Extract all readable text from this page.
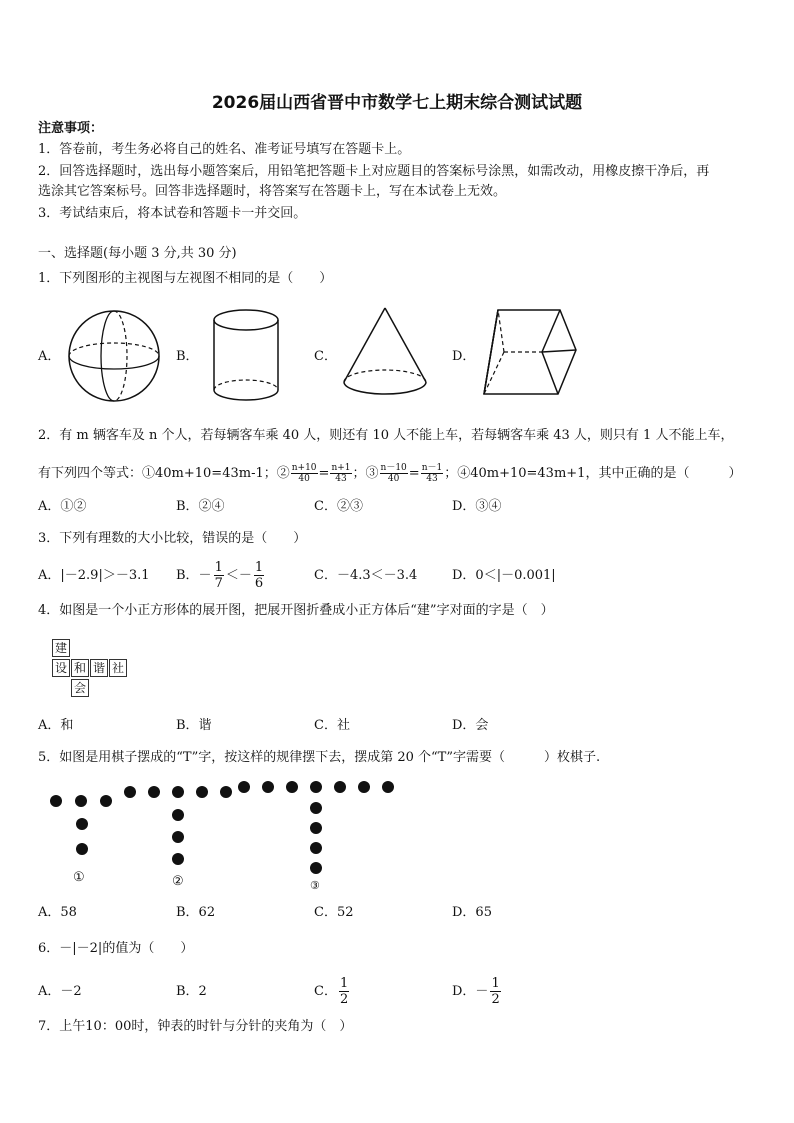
2026届山西省晋中市数学七上期末综合测试试题
注意事项：
1．答卷前，考生务必将自己的姓名、准考证号填写在答题卡上。
2．回答选择题时，选出每小题答案后，用铅笔把答题卡上对应题目的答案标号涂黑，如需改动，用橡皮擦干净后，再
选涂其它答案标号。回答非选择题时，将答案写在答题卡上，写在本试卷上无效。
3．考试结束后，将本试卷和答题卡一并交回。
一、选择题(每小题 3 分,共 30 分)
1．下列图形的主视图与左视图不相同的是（　　）
A．	B．	C．	D．
2．有 m 辆客车及 n 个人，若每辆客车乘 40 人，则还有 10 人不能上车，若每辆客车乘 43 人，则只有 1 人不能上车，
有下列四个等式：①40m+10=43m-1；② $\frac{n+10}{40} = \frac{n+1}{43}$ ；③ $\frac{n-10}{40} = \frac{n-1}{43}$ ；④40m+10=43m+1，其中正确的是（　　　）
A．①②	B．②④	C．②③	D．③④
3．下列有理数的大小比较，错误的是（　　）
A．|－2.9|＞－3.1 B．－ $\frac{1}{7} <- \frac{1}{6}$	C．－4.3＜－3.4	D．0＜|－0.001|
4．如图是一个小正方形体的展开图，把展开图折叠成小正方体后“建”字对面的字是（　）
建
设 和 谐 社
会
A．和	B．谐	C．社	D．会
5．如图是用棋子摆成的“T”字，按这样的规律摆下去，摆成第 20 个“T”字需要（　　　）枚棋子.
①	②	③
A．58	B．62	C．52	D．65
6．－|－2|的值为（　　）
A．－2	B．2	C． $\frac{1}{2}$	D．－ $\frac{1}{2}$
7．上午10：00时，钟表的时针与分针的夹角为（　）
